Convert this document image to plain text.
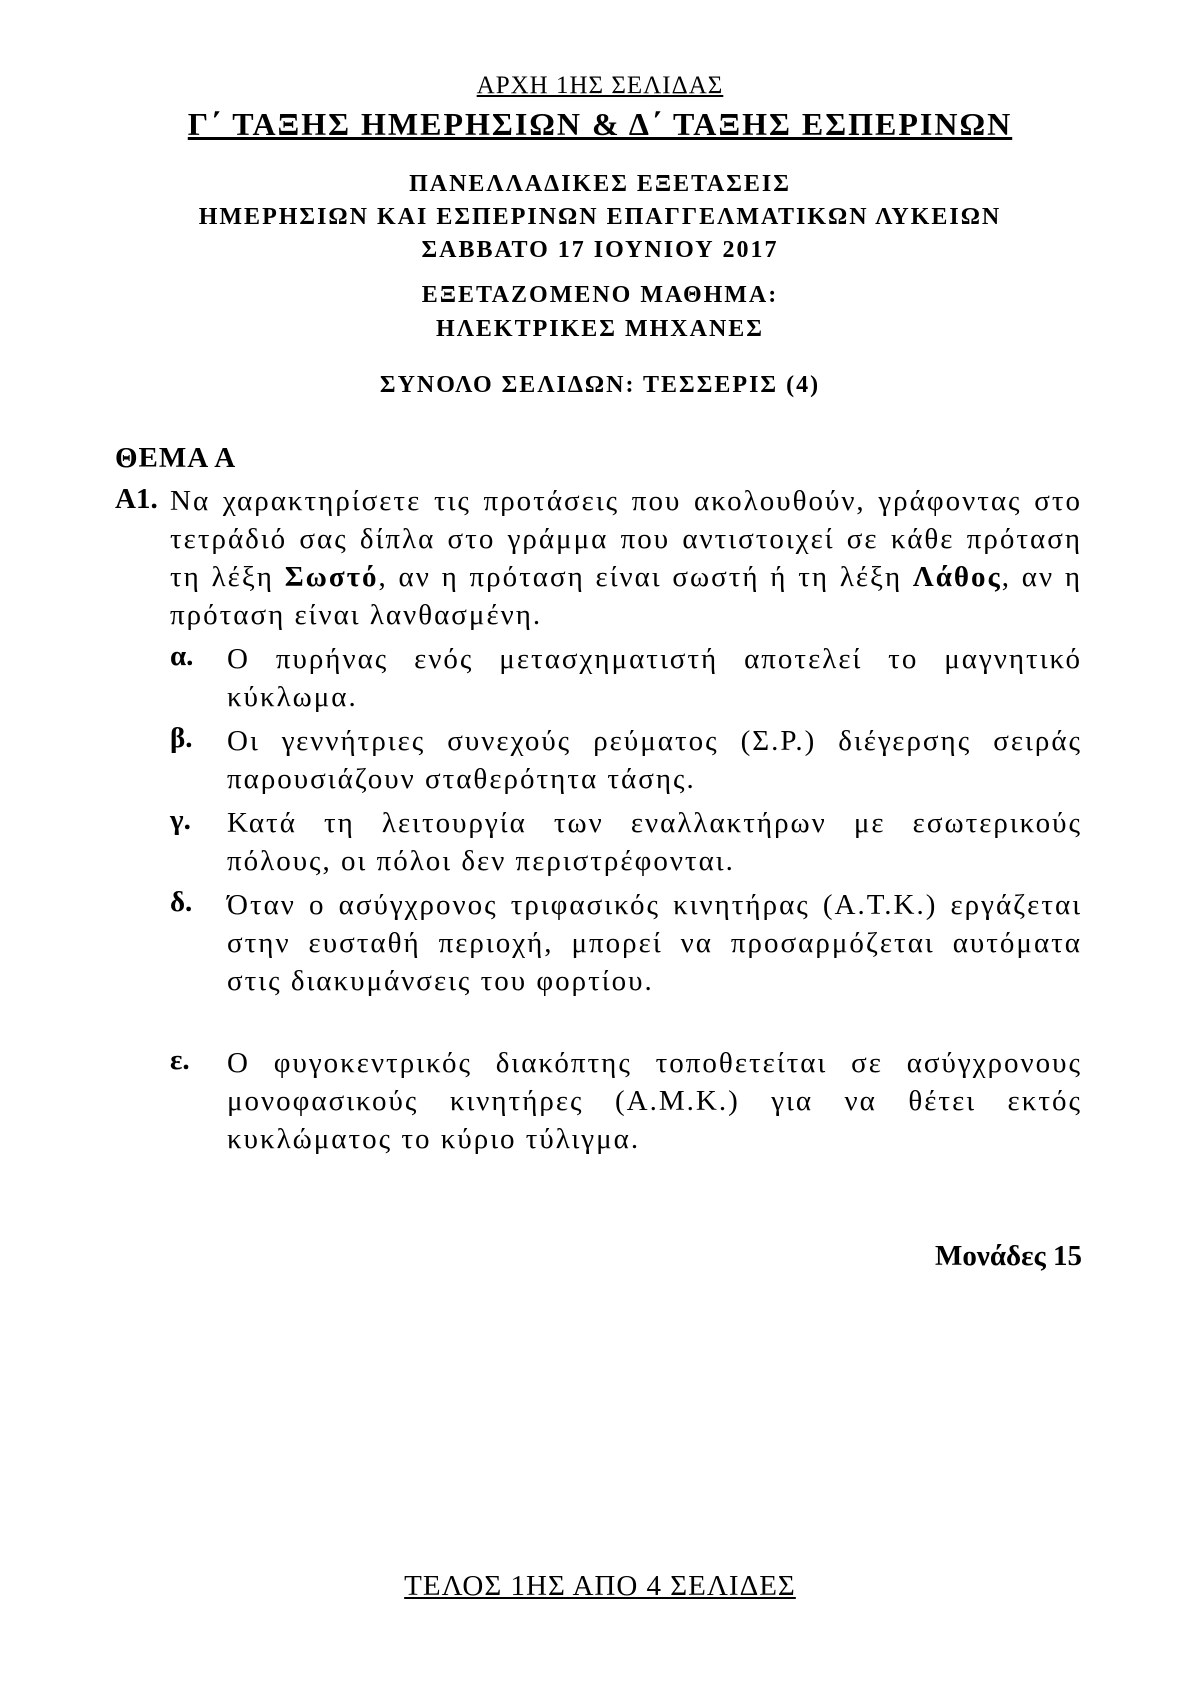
ΑΡΧΗ 1ΗΣ ΣΕΛΙΔΑΣ
Γ΄ ΤΑΞΗΣ ΗΜΕΡΗΣΙΩΝ & Δ΄ ΤΑΞΗΣ ΕΣΠΕΡΙΝΩΝ
ΠΑΝΕΛΛΑΔΙΚΕΣ ΕΞΕΤΑΣΕΙΣ
ΗΜΕΡΗΣΙΩΝ ΚΑΙ ΕΣΠΕΡΙΝΩΝ ΕΠΑΓΓΕΛΜΑΤΙΚΩΝ ΛΥΚΕΙΩΝ
ΣΑΒΒΑΤΟ 17 ΙΟΥΝΙΟΥ 2017
ΕΞΕΤΑΖΟΜΕΝΟ ΜΑΘΗΜΑ:
ΗΛΕΚΤΡΙΚΕΣ ΜΗΧΑΝΕΣ
ΣΥΝΟΛΟ ΣΕΛΙΔΩΝ: ΤΕΣΣΕΡΙΣ (4)
ΘΕΜΑ Α
Α1. Να χαρακτηρίσετε τις προτάσεις που ακολουθούν, γράφοντας στο τετράδιό σας δίπλα στο γράμμα που αντιστοιχεί σε κάθε πρόταση τη λέξη Σωστό, αν η πρόταση είναι σωστή ή τη λέξη Λάθος, αν η πρόταση είναι λανθασμένη.
α. Ο πυρήνας ενός μετασχηματιστή αποτελεί το μαγνητικό κύκλωμα.
β. Οι γεννήτριες συνεχούς ρεύματος (Σ.Ρ.) διέγερσης σειράς παρουσιάζουν σταθερότητα τάσης.
γ. Κατά τη λειτουργία των εναλλακτήρων με εσωτερικούς πόλους, οι πόλοι δεν περιστρέφονται.
δ. Όταν ο ασύγχρονος τριφασικός κινητήρας (Α.Τ.Κ.) εργάζεται στην ευσταθή περιοχή, μπορεί να προσαρμόζεται αυτόματα στις διακυμάνσεις του φορτίου.
ε. Ο φυγοκεντρικός διακόπτης τοποθετείται σε ασύγχρονους μονοφασικούς κινητήρες (Α.Μ.Κ.) για να θέτει εκτός κυκλώματος το κύριο τύλιγμα.
Μονάδες 15
ΤΕΛΟΣ 1ΗΣ ΑΠΟ 4 ΣΕΛΙΔΕΣ
